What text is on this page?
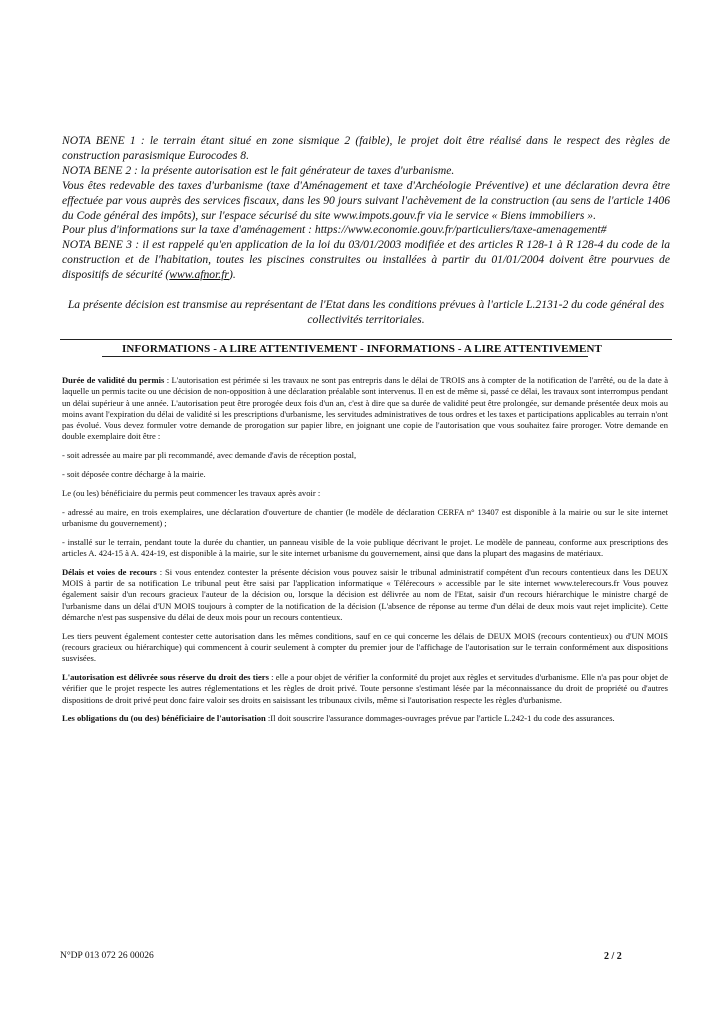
NOTA BENE 1 : le terrain étant situé en zone sismique 2 (faible), le projet doit être réalisé dans le respect des règles de construction parasismique Eurocodes 8.

NOTA BENE 2 : la présente autorisation est le fait générateur de taxes d'urbanisme.

Vous êtes redevable des taxes d'urbanisme (taxe d'Aménagement et taxe d'Archéologie Préventive) et une déclaration devra être effectuée par vous auprès des services fiscaux, dans les 90 jours suivant l'achèvement de la construction (au sens de l'article 1406 du Code général des impôts), sur l'espace sécurisé du site www.impots.gouv.fr via le service « Biens immobiliers ».

Pour plus d'informations sur la taxe d'aménagement : https://www.economie.gouv.fr/particuliers/taxe-amenagement#

NOTA BENE 3 : il est rappelé qu'en application de la loi du 03/01/2003 modifiée et des articles R 128-1 à R 128-4 du code de la construction et de l'habitation, toutes les piscines construites ou installées à partir du 01/01/2004 doivent être pourvues de dispositifs de sécurité (www.afnor.fr).

La présente décision est transmise au représentant de l'Etat dans les conditions prévues à l'article L.2131-2 du code général des collectivités territoriales.
INFORMATIONS - A LIRE ATTENTIVEMENT - INFORMATIONS - A LIRE ATTENTIVEMENT

Durée de validité du permis : L'autorisation est périmée si les travaux ne sont pas entrepris dans le délai de TROIS ans à compter de la notification de l'arrêté, ou de la date à laquelle un permis tacite ou une décision de non-opposition à une déclaration préalable sont intervenus. Il en est de même si, passé ce délai, les travaux sont interrompus pendant un délai supérieur à une année. L'autorisation peut être prorogée deux fois d'un an, c'est à dire que sa durée de validité peut être prolongée, sur demande présentée deux mois au moins avant l'expiration du délai de validité si les prescriptions d'urbanisme, les servitudes administratives de tous ordres et les taxes et participations applicables au terrain n'ont pas évolué. Vous devez formuler votre demande de prorogation sur papier libre, en joignant une copie de l'autorisation que vous souhaitez faire proroger. Votre demande en double exemplaire doit être :

- soit adressée au maire par pli recommandé, avec demande d'avis de réception postal,

- soit déposée contre décharge à la mairie.

Le (ou les) bénéficiaire du permis peut commencer les travaux après avoir :

- adressé au maire, en trois exemplaires, une déclaration d'ouverture de chantier (le modèle de déclaration CERFA n° 13407 est disponible à la mairie ou sur le site internet urbanisme du gouvernement) ;

- installé sur le terrain, pendant toute la durée du chantier, un panneau visible de la voie publique décrivant le projet. Le modèle de panneau, conforme aux prescriptions des articles A. 424-15 à A. 424-19, est disponible à la mairie, sur le site internet urbanisme du gouvernement, ainsi que dans la plupart des magasins de matériaux.

Délais et voies de recours : Si vous entendez contester la présente décision vous pouvez saisir le tribunal administratif compétent d'un recours contentieux dans les DEUX MOIS à partir de sa notification Le tribunal peut être saisi par l'application informatique « Télérecours » accessible par le site internet www.telerecours.fr Vous pouvez également saisir d'un recours gracieux l'auteur de la décision ou, lorsque la décision est délivrée au nom de l'Etat, saisir d'un recours hiérarchique le ministre chargé de l'urbanisme dans un délai d'UN MOIS toujours à compter de la notification de la décision (L'absence de réponse au terme d'un délai de deux mois vaut rejet implicite). Cette démarche n'est pas suspensive du délai de deux mois pour un recours contentieux.

Les tiers peuvent également contester cette autorisation dans les mêmes conditions, sauf en ce qui concerne les délais de DEUX MOIS (recours contentieux) ou d'UN MOIS (recours gracieux ou hiérarchique) qui commencent à courir seulement à compter du premier jour de l'affichage de l'autorisation sur le terrain conformément aux dispositions susvisées.

L'autorisation est délivrée sous réserve du droit des tiers : elle a pour objet de vérifier la conformité du projet aux règles et servitudes d'urbanisme. Elle n'a pas pour objet de vérifier que le projet respecte les autres réglementations et les règles de droit privé. Toute personne s'estimant lésée par la méconnaissance du droit de propriété ou d'autres dispositions de droit privé peut donc faire valoir ses droits en saisissant les tribunaux civils, même si l'autorisation respecte les règles d'urbanisme.

Les obligations du (ou des) bénéficiaire de l'autorisation :Il doit souscrire l'assurance dommages-ouvrages prévue par l'article L.242-1 du code des assurances.

N°DP 013 072 26 00026	2 / 2
